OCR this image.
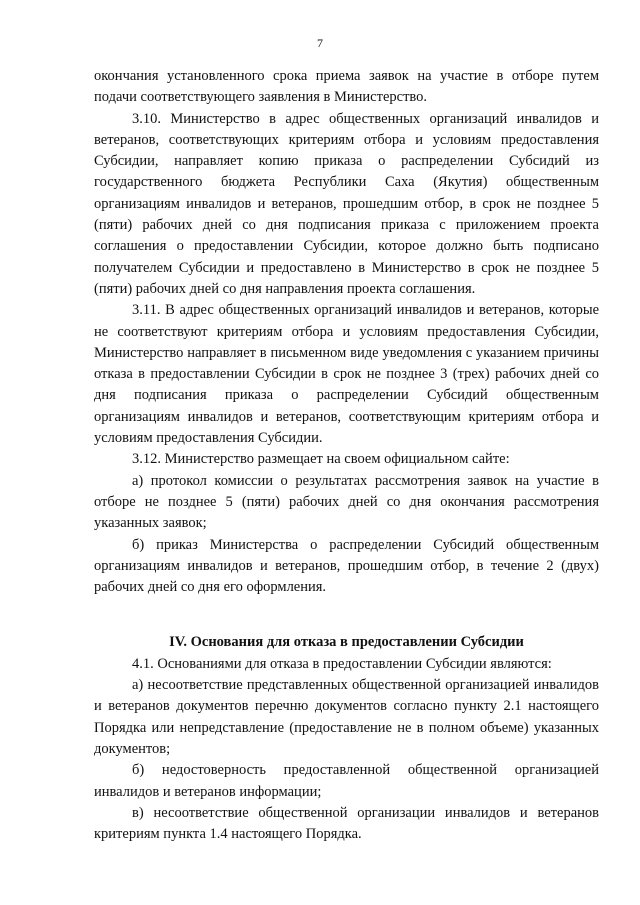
7

окончания установленного срока приема заявок на участие в отборе путем подачи соответствующего заявления в Министерство.

3.10. Министерство в адрес общественных организаций инвалидов и ветеранов, соответствующих критериям отбора и условиям предоставления Субсидии, направляет копию приказа о распределении Субсидий из государственного бюджета Республики Саха (Якутия) общественным организациям инвалидов и ветеранов, прошедшим отбор, в срок не позднее 5 (пяти) рабочих дней со дня подписания приказа с приложением проекта соглашения о предоставлении Субсидии, которое должно быть подписано получателем Субсидии и предоставлено в Министерство в срок не позднее 5 (пяти) рабочих дней со дня направления проекта соглашения.

3.11. В адрес общественных организаций инвалидов и ветеранов, которые не соответствуют критериям отбора и условиям предоставления Субсидии, Министерство направляет в письменном виде уведомления с указанием причины отказа в предоставлении Субсидии в срок не позднее 3 (трех) рабочих дней со дня подписания приказа о распределении Субсидий общественным организациям инвалидов и ветеранов, соответствующим критериям отбора и условиям предоставления Субсидии.

3.12. Министерство размещает на своем официальном сайте:

а) протокол комиссии о результатах рассмотрения заявок на участие в отборе не позднее 5 (пяти) рабочих дней со дня окончания рассмотрения указанных заявок;

б) приказ Министерства о распределении Субсидий общественным организациям инвалидов и ветеранов, прошедшим отбор, в течение 2 (двух) рабочих дней со дня его оформления.

IV. Основания для отказа в предоставлении Субсидии

4.1. Основаниями для отказа в предоставлении Субсидии являются:

а) несоответствие представленных общественной организацией инвалидов и ветеранов документов перечню документов согласно пункту 2.1 настоящего Порядка или непредставление (предоставление не в полном объеме) указанных документов;

б) недостоверность предоставленной общественной организацией инвалидов и ветеранов информации;

в) несоответствие общественной организации инвалидов и ветеранов критериям пункта 1.4 настоящего Порядка.
